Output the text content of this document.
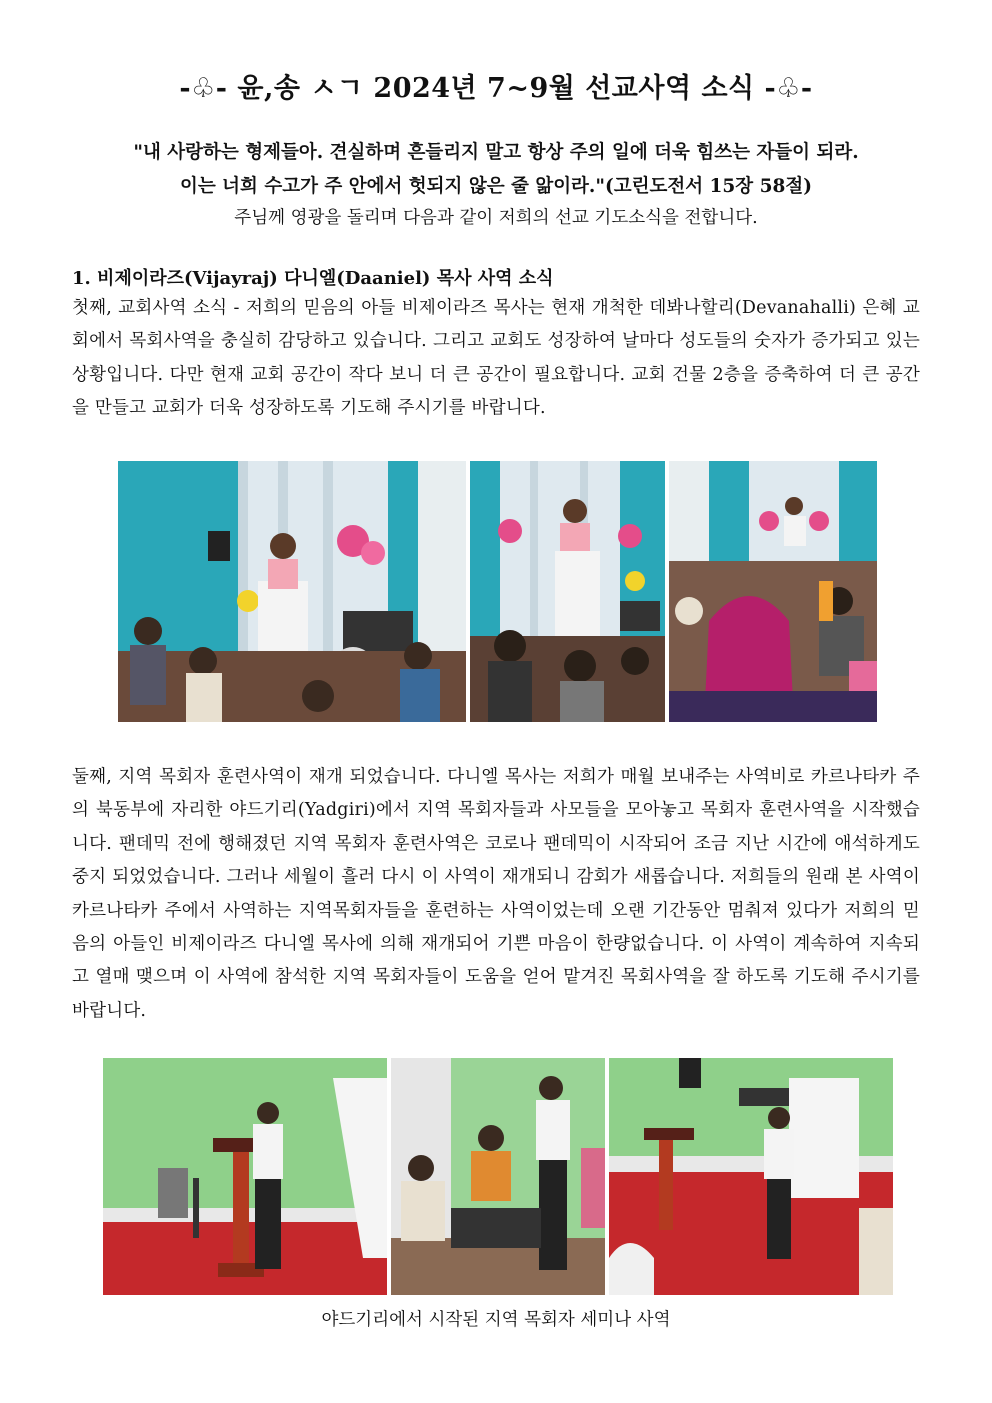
-♧- 윤,송 ㅅㄱ 2024년 7~9월 선교사역 소식 -♧-
"내 사랑하는 형제들아. 견실하며 흔들리지 말고 항상 주의 일에 더욱 힘쓰는 자들이 되라.
이는 너희 수고가 주 안에서 헛되지 않은 줄 앎이라."(고린도전서 15장 58절)
주님께 영광을 돌리며 다음과 같이 저희의 선교 기도소식을 전합니다.
1. 비제이라즈(Vijayraj) 다니엘(Daaniel) 목사 사역 소식
첫째, 교회사역 소식 - 저희의 믿음의 아들 비제이라즈 목사는 현재 개척한 데봐나할리(Devanahalli) 은혜 교회에서 목회사역을 충실히 감당하고 있습니다. 그리고 교회도 성장하여 날마다 성도들의 숫자가 증가되고 있는 상황입니다. 다만 현재 교회 공간이 작다 보니 더 큰 공간이 필요합니다. 교회 건물 2층을 증축하여 더 큰 공간을 만들고 교회가 더욱 성장하도록 기도해 주시기를 바랍니다.
둘째, 지역 목회자 훈련사역이 재개 되었습니다. 다니엘 목사는 저희가 매월 보내주는 사역비로 카르나타카 주의 북동부에 자리한 야드기리(Yadgiri)에서 지역 목회자들과 사모들을 모아놓고 목회자 훈련사역을 시작했습니다. 팬데믹 전에 행해졌던 지역 목회자 훈련사역은 코로나 팬데믹이 시작되어 조금 지난 시간에 애석하게도 중지 되었었습니다. 그러나 세월이 흘러 다시 이 사역이 재개되니 감회가 새롭습니다. 저희들의 원래 본 사역이 카르나타카 주에서 사역하는 지역목회자들을 훈련하는 사역이었는데 오랜 기간동안 멈춰져 있다가 저희의 믿음의 아들인 비제이라즈 다니엘 목사에 의해 재개되어 기쁜 마음이 한량없습니다. 이 사역이 계속하여 지속되고 열매 맺으며 이 사역에 참석한 지역 목회자들이 도움을 얻어 맡겨진 목회사역을 잘 하도록 기도해 주시기를 바랍니다.
야드기리에서 시작된 지역 목회자 세미나 사역
